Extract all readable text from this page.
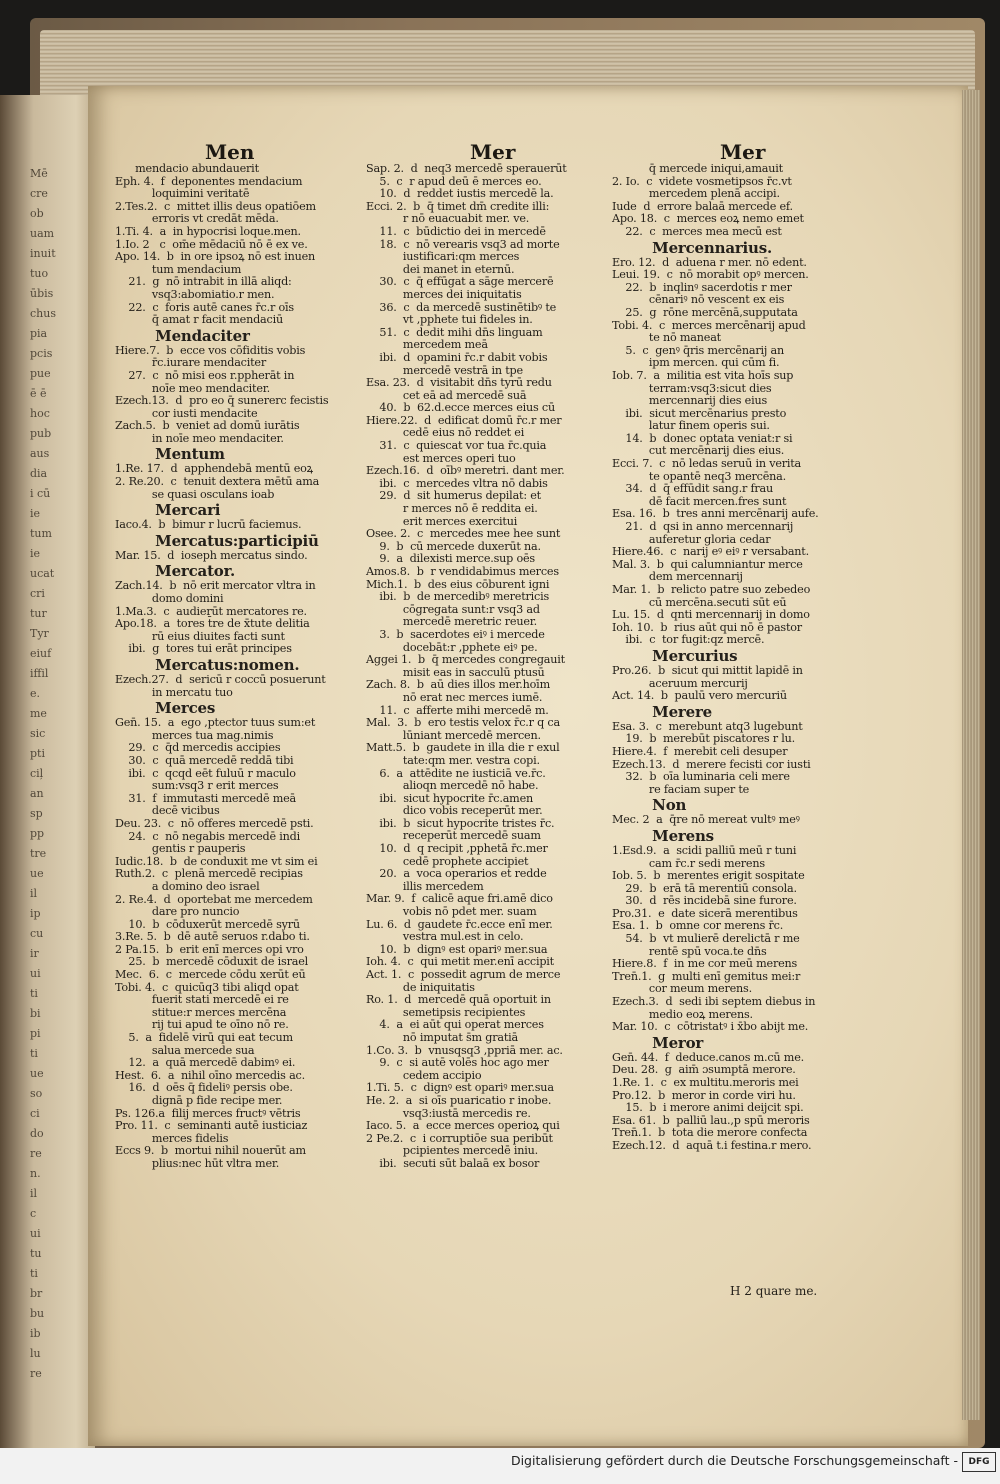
Mē
cre
ob
uam
inuit
tuo
ūbis
chus
pia
pcis
pue
ē ē
hoc
pub
aus
dia
i cū
ie
tum
ie
ucat
cri
tur
Tyr
eiuf
iffil
e.
me
sic
pti
ciļ
an
sp
pp
tre
ue
il
ip
cu
ir
ui
ti
bi
pi
ti
ue
so
ci
do
re
n.
il
c
ui
tu
ti
br
bu
ib
lu
re
Men	Mer	Mer
mendacio abundauerit
Eph. 4.  f  deponentes mendacium
loquimini veritatē
2.Tes.2.  c  mittet illis deus opatiōem
erroris vt credāt mēda.
1.Ti. 4.  a  in hypocrisi loque.men.
1.Io. 2   c  om̄e mēdaciū nō ē ex ve.
Apo. 14.  b  in ore ipsoꝝ nō est inuen
tum mendacium
21.  g  nō intrabit in illā aliqd:
vsq3:abomiatio.r men.
22.  c  foris autē canes r̄c.r oīs
q̄ amat r facit mendaciū
Mendaciter
Hiere.7.  b  ecce vos cōfiditis vobis
r̄c.iurare mendaciter
27.  c  nō misi eos r.ppherāt in
noīe meo mendaciter.
Ezech.13.  d  pro eo q̄ sunererc fecistis
cor iusti mendacite
Zach.5.  b  veniet ad domū iurātis
in noīe meo mendaciter.
Mentum
1.Re. 17.  d  apphendebā mentū eoꝝ
2. Re.20.  c  tenuit dextera mētū ama
se quasi osculans ioab
Mercari
Iaco.4.  b  bimur r lucrū faciemus.
Mercatus:participiū
Mar. 15.  d  ioseph mercatus sindo.
Mercator.
Zach.14.  b  nō erit mercator vltra in
domo domini
1.Ma.3.  c  audierūt mercatores re.
Apo.18.  a  tores t̄re de x̄tute delitia
rū eius diuites facti sunt
ibi.  g  tores tui erāt principes
Mercatus:nomen.
Ezech.27.  d  sericū r coccū posuerunt
in mercatu tuo
Merces
Gen̄. 15.  a  ego ,ptector tuus sum:et
merces tua mag.nimis
29.  c  q̄d mercedis accipies
30.  c  quā mercedē reddā tibi
ibi.  c  qcqd eēt fuluū r maculo
sum:vsq3 r erit merces
31.  f  immutasti mercedē meā
decē vicibus
Deu. 23.  c  nō offeres mercedē psti.
24.  c  nō negabis mercedē indi
gentis r pauperis
Iudic.18.  b  de conduxit me vt sim ei
Ruth.2.  c  plenā mercedē recipias
a domino deo israel
2. Re.4.  d  oportebat me mercedem
dare pro nuncio
10.  b  cōduxerūt mercedē syrū
3.Re. 5.  b  dē autē seruos r.dabo ti.
2 Pa.15.  b  erit enī merces opi vro
25.  b  mercedē cōduxit de israel
Mec.  6.  c  mercede cōdu xerūt eū
Tobi. 4.  c  quicūq3 tibi aliqd opat
fuerit stati mercedē ei re
stitue:r merces mercēna
rij tui apud te oīno nō re.
5.  a  fidelē virū qui eat tecum
salua mercede sua
12.  a  quā mercedē dabimꝰ ei.
Hest.  6.  a  nihil oīno mercedis ac.
16.  d  oēs q̄ fideliꝰ persis obe.
dignā p fide recipe mer.
Ps. 126.a  filij merces fructꝰ vētris
Pro. 11.  c  seminanti autē iusticiaz
merces fidelis
Eccs 9.  b  mortui nihil nouerūt am
plius:nec hūt vltra mer.
Sap. 2.  d  neq3 mercedē sperauerūt
5.  c  r apud deū ē merces eo.
10.  d  reddet iustis mercedē la.
Ecci. 2.  b  q̄ timet dm̄ credite illi:
r nō euacuabit mer. ve.
11.  c  būdictio dei in mercedē
18.  c  nō verearis vsq3 ad morte
iustificari:qm merces
dei manet in eternū.
30.  c  q̄ effūgat a sāge mercerē
merces dei iniquitatis
36.  c  da mercedē sustinētibꝰ te
vt ,pphete tui fideles in.
51.  c  dedit mihi dn̄s linguam
mercedem meā
ibi.  d  opamini r̄c.r dabit vobis
mercedē vestrā in tpe
Esa. 23.  d  visitabit dn̄s tyrū redu
cet eā ad mercedē suā
40.  b  62.d.ecce merces eius cū
Hiere.22.  d  edificat domū r̄c.r mer
cedē eius nō reddet ei
31.  c  quiescat vor tua r̄c.quia
est merces operi tuo
Ezech.16.  d  oībꝰ meretri. dant mer.
ibi.  c  mercedes vltra nō dabis
29.  d  sit humerus depilat: et
r merces nō ē reddita ei.
erit merces exercitui
Osee. 2.  c  mercedes mee hee sunt
9.  b  cū mercede duxerūt na.
9.  a  dilexisti merce.sup oēs
Amos.8.  b  r vendidabimus merces
Mich.1.  b  des eius cōburent igni
ibi.  b  de mercedibꝰ meretricis
cōgregata sunt:r vsq3 ad
mercedē meretric reuer.
3.  b  sacerdotes eiꝰ i mercede
docebāt:r ,pphete eiꝰ pe.
Aggei 1.  b  q̄ mercedes congregauit
misit eas in sacculū ptusū
Zach. 8.  b  aū dies illos mer.hoīm
nō erat nec merces iumē.
11.  c  afferte mihi mercedē m.
Mal.  3.  b  ero testis velox r̄c.r q ca
lūniant mercedē mercen.
Matt.5.  b  gaudete in illa die r exul
tate:qm mer. vestra copi.
6.  a  attēdite ne iusticiā ve.r̄c.
alioqn mercedē nō habe.
ibi.  sicut hypocrite r̄c.amen
dico vobis receperūt mer.
ibi.  b  sicut hypocrite tristes r̄c.
receperūt mercedē suam
10.  d  q recipit ,pphetā r̄c.mer
cedē prophete accipiet
20.  a  voca operarios et redde
illis mercedem
Mar. 9.  f  calicē aque fri.amē dico
vobis nō pdet mer. suam
Lu. 6.  d  gaudete r̄c.ecce enī mer.
vestra mul.est in celo.
10.  b  dignꝰ est opariꝰ mer.sua
Ioh. 4.  c  qui metit mer.enī accipit
Act. 1.  c  possedit agrum de merce
de iniquitatis
Ro. 1.  d  mercedē quā oportuit in
semetipsis recipientes
4.  a  ei aūt qui operat merces
nō imputat s̄m gratiā
1.Co. 3.  b  vnusqsq3 ,ppriā mer. ac.
9.  c  si autē volēs hoc ago mer
cedem accipio
1.Ti. 5.  c  dignꝰ est opariꝰ mer.sua
He. 2.  a  si oīs puaricatio r inobe.
vsq3:iustā mercedis re.
Iaco. 5.  a  ecce merces operioꝝ qui
2 Pe.2.  c  i corruptiōe sua peribūt
pcipientes mercedē iniu.
ibi.  secuti sūt balaā ex bosor
q̄ mercede iniqui,amauit
2. Io.  c  videte vosmetipsos r̄c.vt
mercedem plenā accipi.
Iude  d  errore balaā mercede ef.
Apo. 18.  c  merces eoꝝ nemo emet
22.  c  merces mea mecū est
Mercennarius.
Ero. 12.  d  aduena r mer. nō edent.
Leui. 19.  c  nō morabit opꝰ mercen.
22.  b  inqlinꝰ sacerdotis r mer
cēnariꝰ nō vescent ex eis
25.  g  rōne mercēnā,supputata
Tobi. 4.  c  merces mercēnarij apud
te nō maneat
5.  c  genꝰ q̄ris mercēnarij an
ipm mercen. qui cūm fi.
Iob. 7.  a  militia est vita hoīs sup
terram:vsq3:sicut dies
mercennarij dies eius
ibi.  sicut mercēnarius presto
latur finem operis sui.
14.  b  donec optata veniat:r si
cut mercēnarij dies eius.
Ecci. 7.  c  nō ledas seruū in verita
te opantē neq3 mercēna.
34.  d  q̄ effūdit sang.r frau
dē facit mercen.fres sunt
Esa. 16.  b  tres anni mercēnarij aufe.
21.  d  qsi in anno mercennarij
auferetur gloria cedar
Hiere.46.  c  narij eꝰ eiꝰ r versabant.
Mal. 3.  b  qui calumniantur merce
dem mercennarij
Mar. 1.  b  relicto patre suo zebedeo
cū mercēna.secuti sūt eū
Lu. 15.  d  qnti mercennarij in domo
Ioh. 10.  b  rius aūt qui nō ē pastor
ibi.  c  tor fugit:qz mercē.
Mercurius
Pro.26.  b  sicut qui mittit lapidē in
aceruum mercurij
Act. 14.  b  paulū vero mercuriū
Merere
Esa. 3.  c  merebunt atq3 lugebunt
19.  b  merebūt piscatores r lu.
Hiere.4.  f  merebit celi desuper
Ezech.13.  d  merere fecisti cor iusti
32.  b  oīa luminaria celi mere
re faciam super te
Non
Mec. 2  a  q̄re nō mereat vultꝰ meꝰ
Merens
1.Esd.9.  a  scidi palliū meū r tuni
cam r̄c.r sedi merens
Iob. 5.  b  merentes erigit sospitate
29.  b  erā tā merentiū consola.
30.  d  rēs incidebā sine furore.
Pro.31.  e  date sicerā merentibus
Esa. 1.  b  omne cor merens r̄c.
54.  b  vt mulierē derelictā r me
rentē spū voca.te dn̄s
Hiere.8.  f  in me cor meū merens
Tren̄.1.  g  multi enī gemitus mei:r
cor meum merens.
Ezech.3.  d  sedi ibi septem diebus in
medio eoꝝ merens.
Mar. 10.  c  cōtristatꝰ i x̄bo abijt me.
Meror
Gen̄. 44.  f  deduce.canos m.cū me.
Deu. 28.  g  aim̄ ɔsumptā merore.
1.Re. 1.  c  ex multitu.meroris mei
Pro.12.  b  meror in corde viri hu.
15.  b  i merore animi deijcit spi.
Esa. 61.  b  palliū lau.,p spū meroris
Tren̄.1.  b  tota die merore confecta
Ezech.12.  d  aquā t.i festina.r mero.
H 2 quare me.
Digitalisierung gefördert durch die Deutsche Forschungsgemeinschaft -	DFG
